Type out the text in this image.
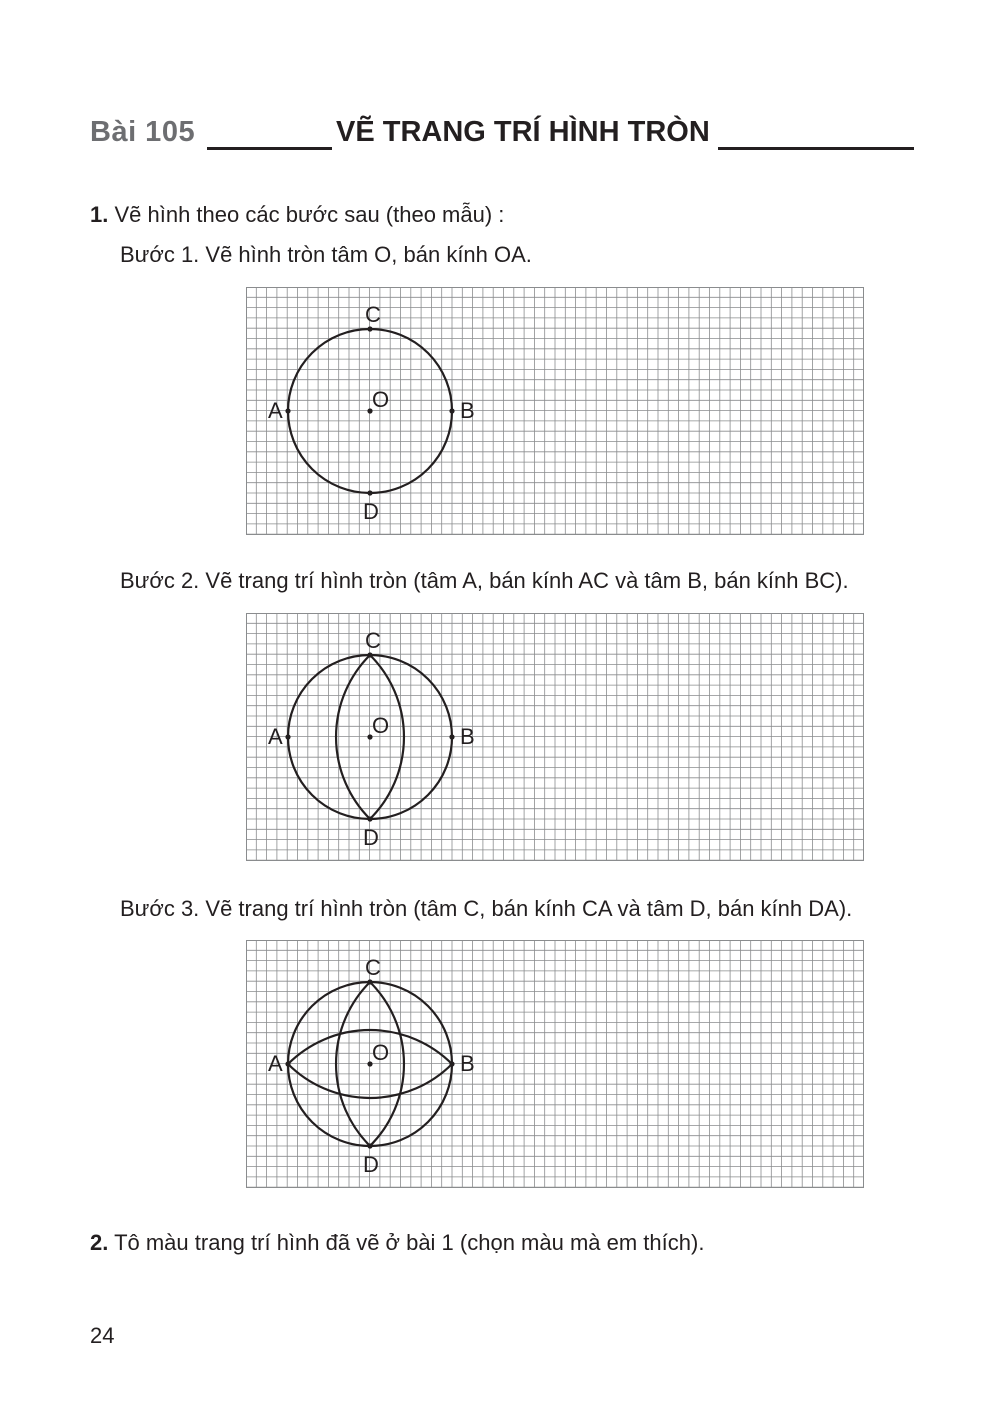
Bài 105	VẼ TRANG TRÍ HÌNH TRÒN
1. Vẽ hình theo các bước sau (theo mẫu) :
Bước 1. Vẽ hình tròn tâm O, bán kính OA.
A	B
C
D
O
Bước 2. Vẽ trang trí hình tròn (tâm A, bán kính AC và tâm B, bán kính BC).
A	B
C
D
O
Bước 3. Vẽ trang trí hình tròn (tâm C, bán kính CA và tâm D, bán kính DA).
A	B
C
D
O
2. Tô màu trang trí hình đã vẽ ở bài 1 (chọn màu mà em thích).
24
